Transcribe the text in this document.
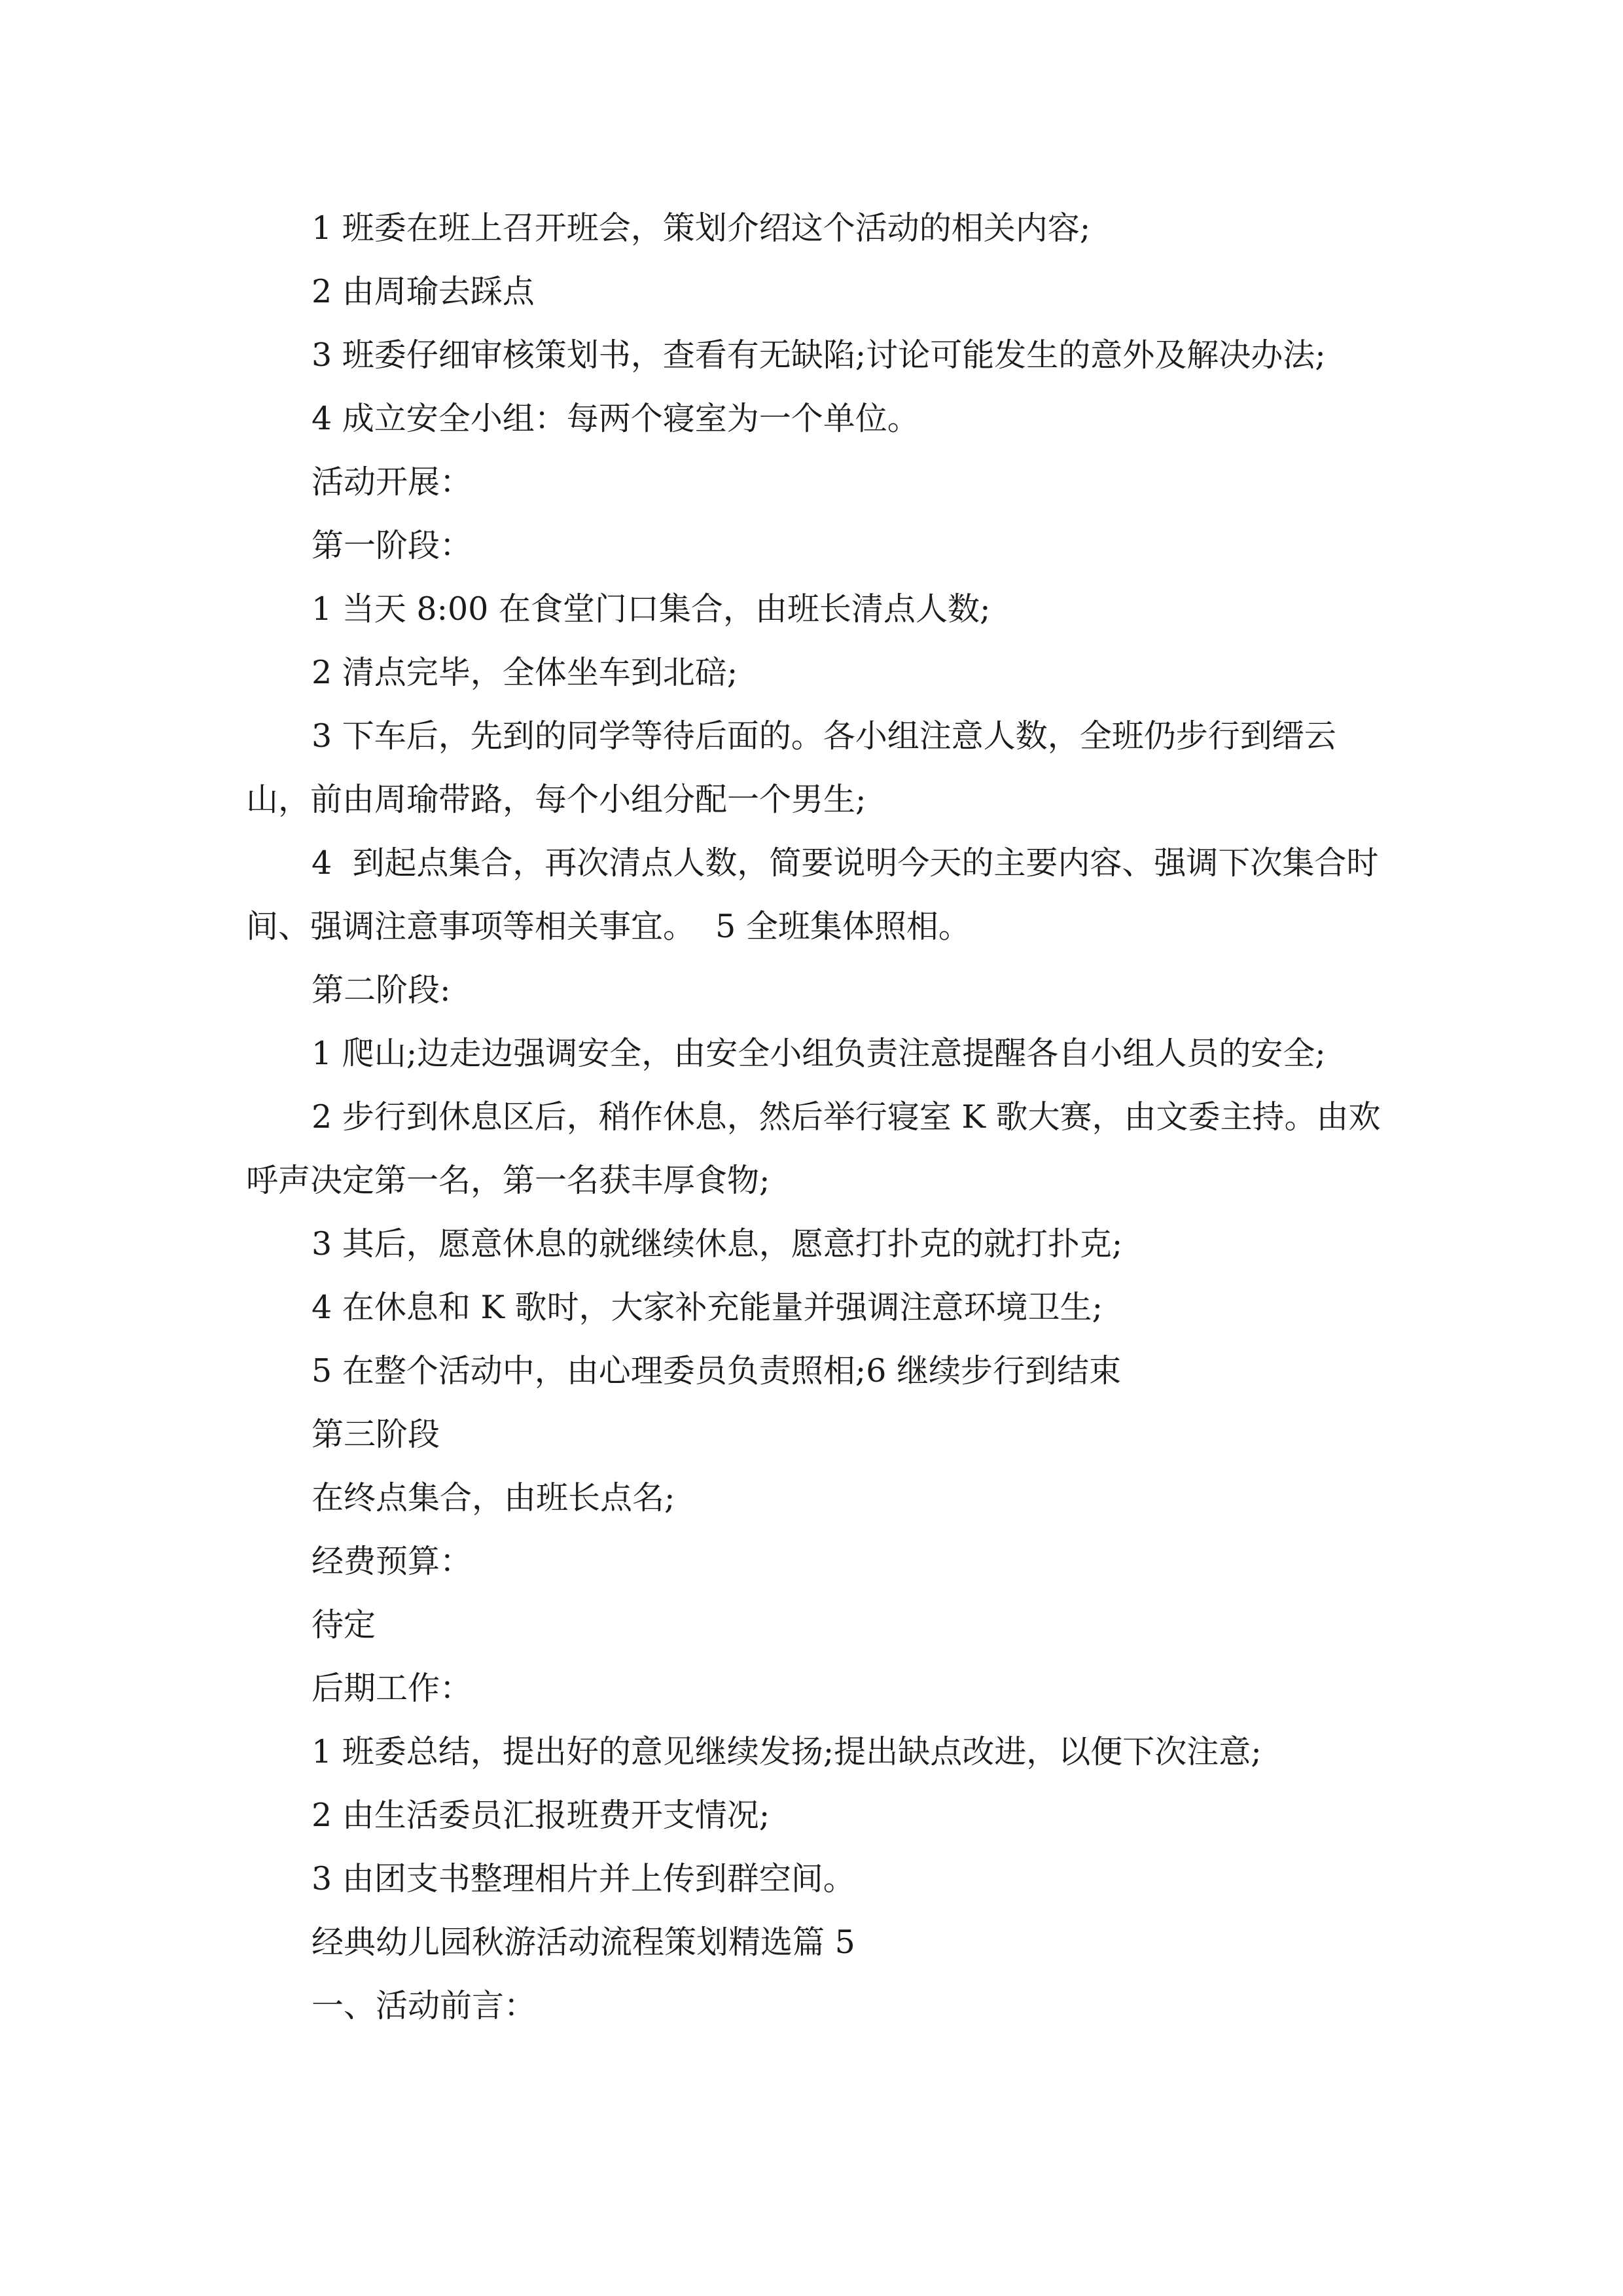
1 班委在班上召开班会，策划介绍这个活动的相关内容;

2 由周瑜去踩点

3 班委仔细审核策划书，查看有无缺陷;讨论可能发生的意外及解决办法;

4 成立安全小组：每两个寝室为一个单位。

活动开展：

第一阶段：

1 当天 8:00 在食堂门口集合，由班长清点人数;

2 清点完毕，全体坐车到北碚;

3 下车后，先到的同学等待后面的。各小组注意人数，全班仍步行到缙云山，前由周瑜带路，每个小组分配一个男生;

4  到起点集合，再次清点人数，简要说明今天的主要内容、强调下次集合时间、强调注意事项等相关事宜。  5 全班集体照相。

第二阶段:

1 爬山;边走边强调安全，由安全小组负责注意提醒各自小组人员的安全;

2 步行到休息区后，稍作休息，然后举行寝室 K 歌大赛，由文委主持。由欢呼声决定第一名，第一名获丰厚食物;

3 其后，愿意休息的就继续休息，愿意打扑克的就打扑克;

4 在休息和 K 歌时，大家补充能量并强调注意环境卫生;

5 在整个活动中，由心理委员负责照相;6 继续步行到结束

第三阶段

在终点集合，由班长点名;

经费预算：

待定

后期工作：

1 班委总结，提出好的意见继续发扬;提出缺点改进，以便下次注意;

2 由生活委员汇报班费开支情况;

3 由团支书整理相片并上传到群空间。

经典幼儿园秋游活动流程策划精选篇 5

一、活动前言：
